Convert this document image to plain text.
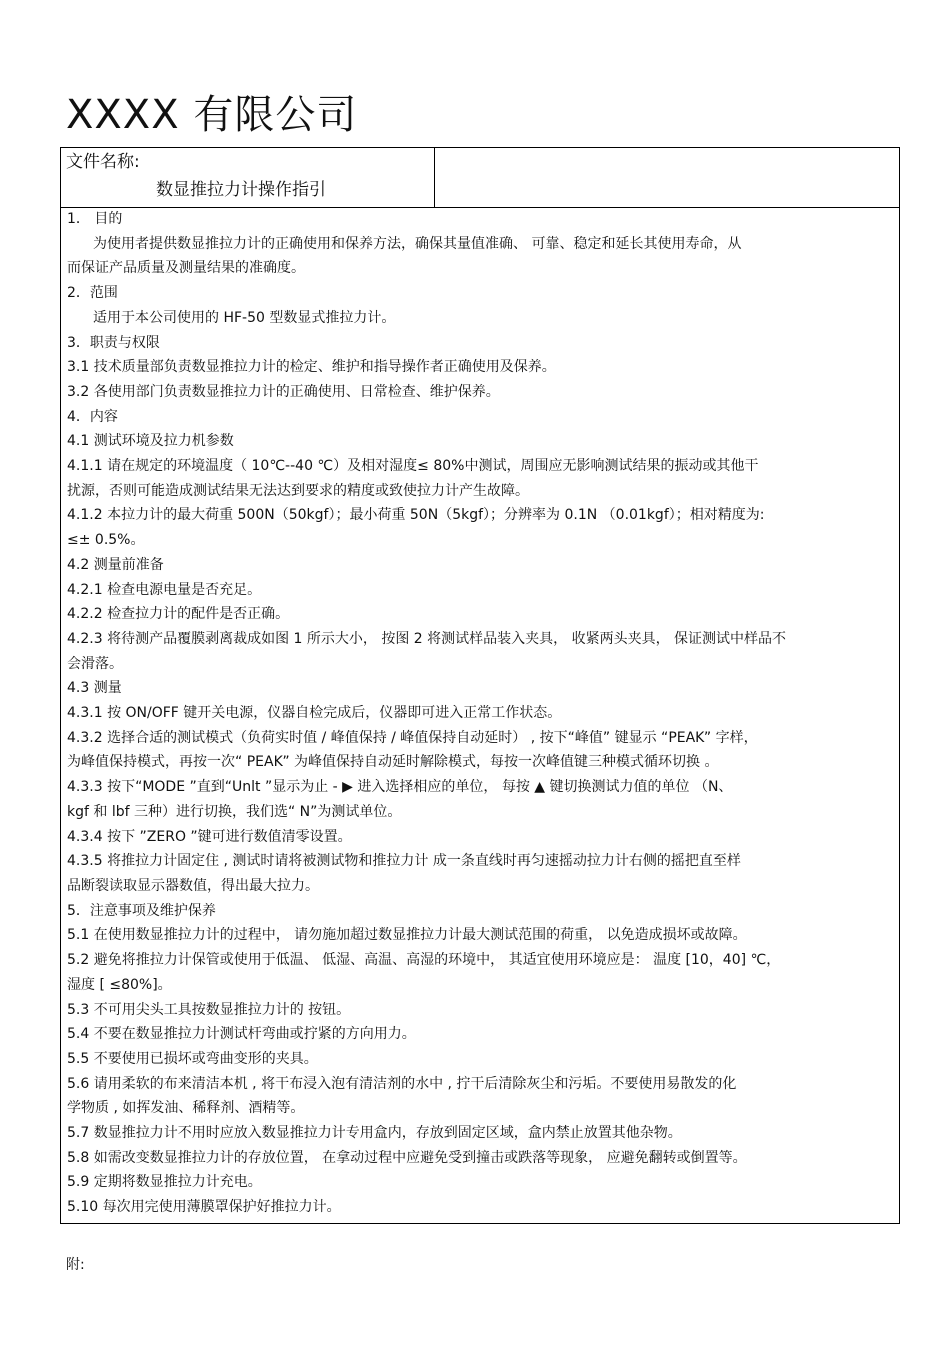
XXXX 有限公司
文件名称:
数显推拉力计操作指引
1． 目的
为使用者提供数显推拉力计的正确使用和保养方法，确保其量值准确、 可靠、稳定和延长其使用寿命，从
而保证产品质量及测量结果的准确度。
2．范围
适用于本公司使用的 HF-50 型数显式推拉力计。
3．职责与权限
3.1 技术质量部负责数显推拉力计的检定、维护和指导操作者正确使用及保养。
3.2 各使用部门负责数显推拉力计的正确使用、日常检查、维护保养。
4．内容
4.1 测试环境及拉力机参数
4.1.1 请在规定的环境温度（ 10℃--40 ℃）及相对湿度≤ 80%中测试，周围应无影响测试结果的振动或其他干
扰源，否则可能造成测试结果无法达到要求的精度或致使拉力计产生故障。
4.1.2 本拉力计的最大荷重 500N（50kgf）；最小荷重 50N（5kgf）；分辨率为 0.1N （0.01kgf）；相对精度为:
≤± 0.5%。
4.2 测量前准备
4.2.1 检查电源电量是否充足。
4.2.2 检查拉力计的配件是否正确。
4.2.3 将待测产品覆膜剥离裁成如图 1 所示大小， 按图 2 将测试样品装入夹具， 收紧两头夹具， 保证测试中样品不
会滑落。
4.3 测量
4.3.1 按 ON/OFF 键开关电源，仪器自检完成后，仪器即可进入正常工作状态。
4.3.2 选择合适的测试模式（负荷实时值 / 峰值保持 / 峰值保持自动延时） , 按下“峰值” 键显示 “PEAK” 字样，
为峰值保持模式，再按一次“ PEAK” 为峰值保持自动延时解除模式，每按一次峰值键三种模式循环切换 。
4.3.3 按下“MODE ”直到“Unlt ”显示为止 - ▶ 进入选择相应的单位， 每按 ▲ 键切换测试力值的单位 （N、
kgf 和 lbf 三种）进行切换，我们选“ N”为测试单位。
4.3.4 按下 ”ZERO ”键可进行数值清零设置。
4.3.5 将推拉力计固定住 , 测试时请将被测试物和推拉力计 成一条直线时再匀速摇动拉力计右侧的摇把直至样
品断裂读取显示器数值，得出最大拉力。
5．注意事项及维护保养
5.1 在使用数显推拉力计的过程中， 请勿施加超过数显推拉力计最大测试范围的荷重， 以免造成损坏或故障。
5.2 避免将推拉力计保管或使用于低温、 低湿、高温、高湿的环境中， 其适宜使用环境应是： 温度 [10，40] ℃，
湿度 [ ≤80%]。
5.3 不可用尖头工具按数显推拉力计的 按钮。
5.4 不要在数显推拉力计测试杆弯曲或拧紧的方向用力。
5.5 不要使用已损坏或弯曲变形的夹具。
5.6 请用柔软的布来清洁本机 , 将干布浸入泡有清洁剂的水中 , 拧干后清除灰尘和污垢。不要使用易散发的化
学物质 , 如挥发油、稀释剂、酒精等。
5.7 数显推拉力计不用时应放入数显推拉力计专用盒内，存放到固定区域，盒内禁止放置其他杂物。
5.8 如需改变数显推拉力计的存放位置， 在拿动过程中应避免受到撞击或跌落等现象， 应避免翻转或倒置等。
5.9 定期将数显推拉力计充电。
5.10 每次用完使用薄膜罩保护好推拉力计。
附:
